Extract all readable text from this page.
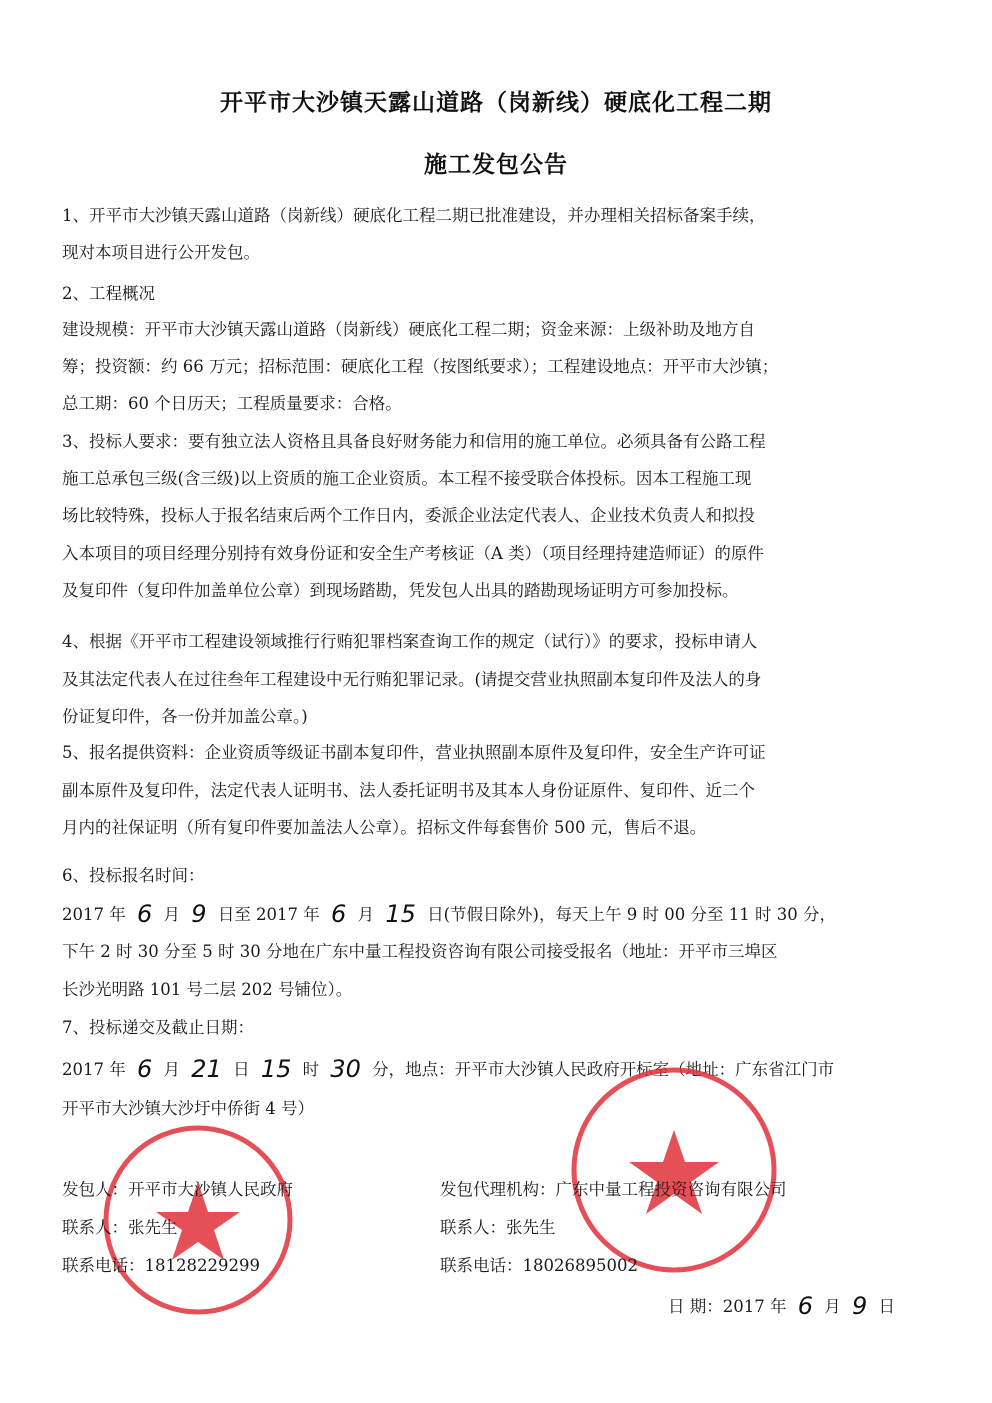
开平市大沙镇天露山道路（岗新线）硬底化工程二期
施工发包公告
1、开平市大沙镇天露山道路（岗新线）硬底化工程二期已批准建设，并办理相关招标备案手续，
现对本项目进行公开发包。
2、工程概况
建设规模：开平市大沙镇天露山道路（岗新线）硬底化工程二期；资金来源：上级补助及地方自
筹；投资额：约 66 万元；招标范围：硬底化工程（按图纸要求）；工程建设地点：开平市大沙镇；
总工期：60 个日历天；工程质量要求：合格。
3、投标人要求：要有独立法人资格且具备良好财务能力和信用的施工单位。必须具备有公路工程
施工总承包三级(含三级)以上资质的施工企业资质。本工程不接受联合体投标。因本工程施工现
场比较特殊，投标人于报名结束后两个工作日内，委派企业法定代表人、企业技术负责人和拟投
入本项目的项目经理分别持有效身份证和安全生产考核证（A 类）（项目经理持建造师证）的原件
及复印件（复印件加盖单位公章）到现场踏勘，凭发包人出具的踏勘现场证明方可参加投标。
4、根据《开平市工程建设领域推行行贿犯罪档案查询工作的规定（试行）》的要求，投标申请人
及其法定代表人在过往叁年工程建设中无行贿犯罪记录。(请提交营业执照副本复印件及法人的身
份证复印件，各一份并加盖公章。)
5、报名提供资料：企业资质等级证书副本复印件，营业执照副本原件及复印件，安全生产许可证
副本原件及复印件，法定代表人证明书、法人委托证明书及其本人身份证原件、复印件、近二个
月内的社保证明（所有复印件要加盖法人公章）。招标文件每套售价 500 元，售后不退。
6、投标报名时间：
2017 年 6 月 9 日至 2017 年 6 月 15 日(节假日除外)，每天上午 9 时 00 分至 11 时 30 分，
下午 2 时 30 分至 5 时 30 分地在广东中量工程投资咨询有限公司接受报名（地址：开平市三埠区
长沙光明路 101 号二层 202 号铺位）。
7、投标递交及截止日期：
2017 年 6 月 21 日 15 时 30 分，地点：开平市大沙镇人民政府开标室（地址：广东省江门市
开平市大沙镇大沙圩中侨街 4 号）
发包人：开平市大沙镇人民政府
联系人：张先生
联系电话：18128229299
发包代理机构：广东中量工程投资咨询有限公司
联系人：张先生
联系电话：18026895002
日 期：2017 年 6 月 9 日
